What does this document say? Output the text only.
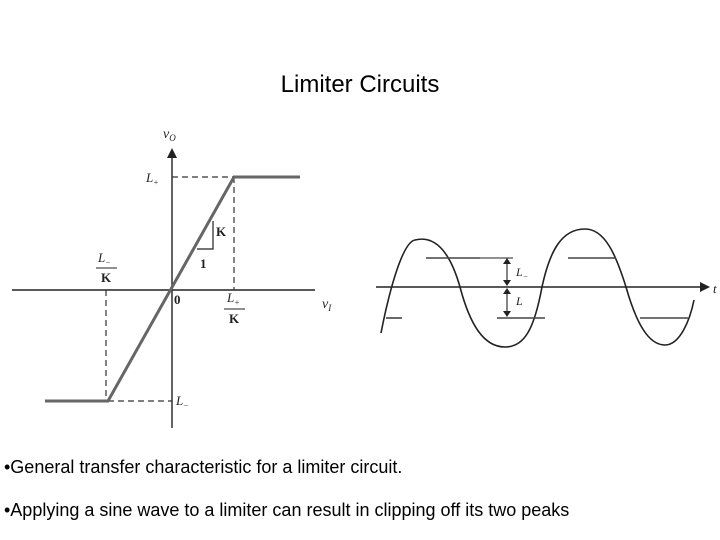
Limiter Circuits
$v_O$
$v_I$
$L_+$
$L_-$
0
K
1
$L_-$
K
$L_+$
K
t
$L_-$
L
•General transfer characteristic for a limiter circuit.
•Applying a sine wave to a limiter can result in clipping off its two peaks
